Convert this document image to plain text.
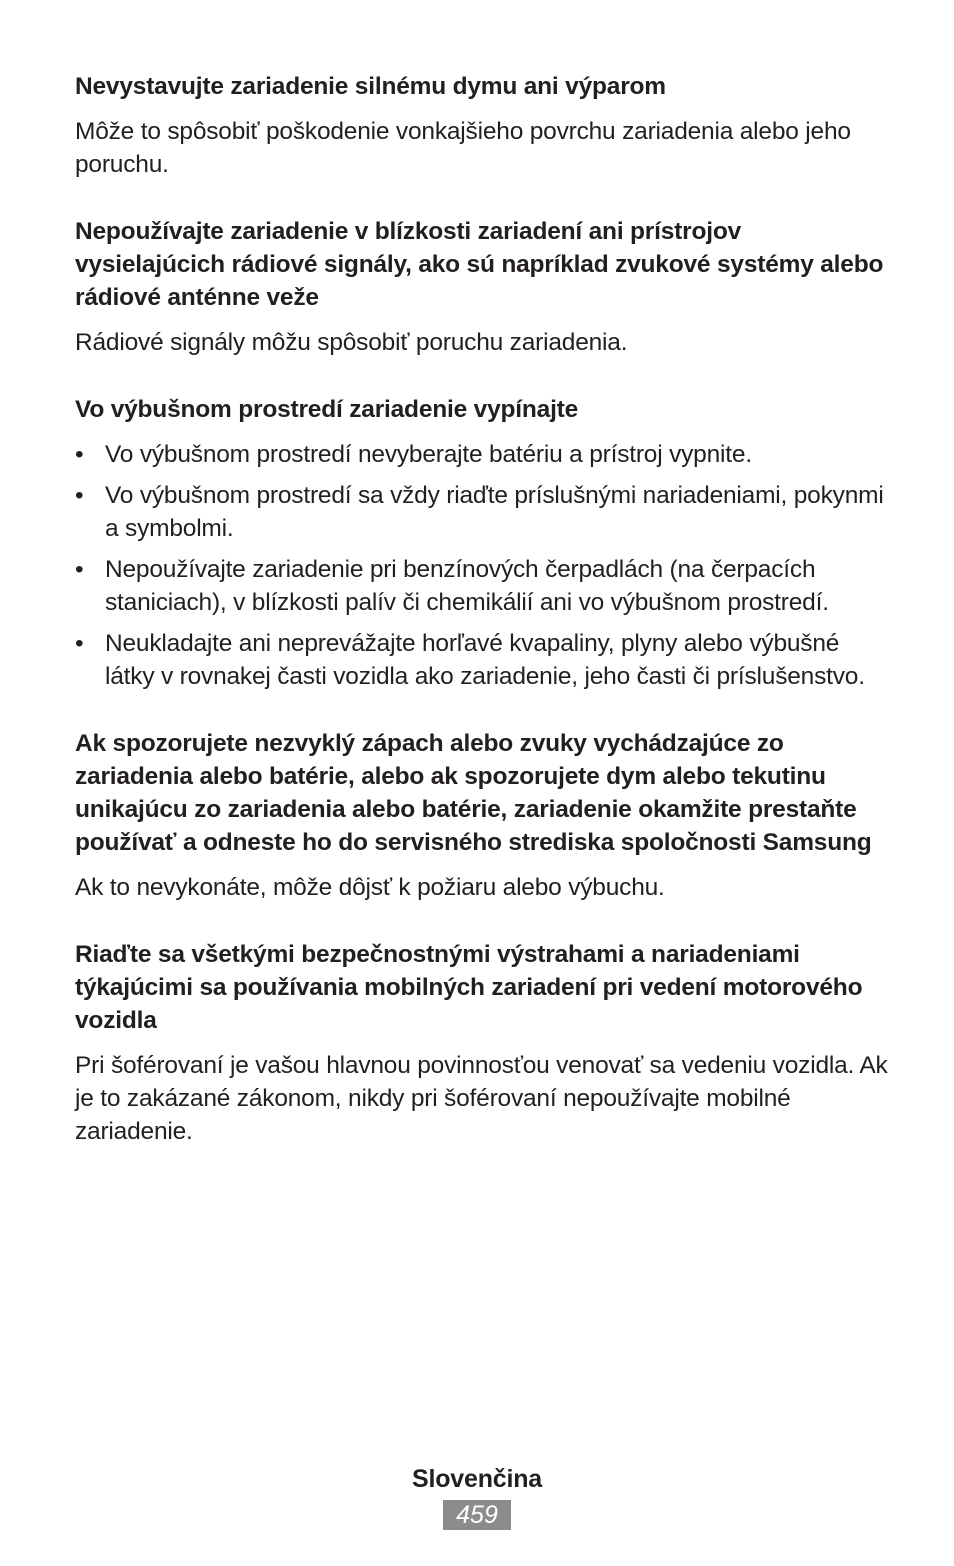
Nevystavujte zariadenie silnému dymu ani výparom

Môže to spôsobiť poškodenie vonkajšieho povrchu zariadenia alebo jeho poruchu.

Nepoužívajte zariadenie v blízkosti zariadení ani prístrojov vysielajúcich rádiové signály, ako sú napríklad zvukové systémy alebo rádiové anténne veže

Rádiové signály môžu spôsobiť poruchu zariadenia.

Vo výbušnom prostredí zariadenie vypínajte

• Vo výbušnom prostredí nevyberajte batériu a prístroj vypnite.
• Vo výbušnom prostredí sa vždy riaďte príslušnými nariadeniami, pokynmi a symbolmi.
• Nepoužívajte zariadenie pri benzínových čerpadlách (na čerpacích staniciach), v blízkosti palív či chemikálií ani vo výbušnom prostredí.
• Neukladajte ani neprevážajte horľavé kvapaliny, plyny alebo výbušné látky v rovnakej časti vozidla ako zariadenie, jeho časti či príslušenstvo.

Ak spozorujete nezvyklý zápach alebo zvuky vychádzajúce zo zariadenia alebo batérie, alebo ak spozorujete dym alebo tekutinu unikajúcu zo zariadenia alebo batérie, zariadenie okamžite prestaňte používať a odneste ho do servisného strediska spoločnosti Samsung

Ak to nevykonáte, môže dôjsť k požiaru alebo výbuchu.

Riaďte sa všetkými bezpečnostnými výstrahami a nariadeniami týkajúcimi sa používania mobilných zariadení pri vedení motorového vozidla

Pri šoférovaní je vašou hlavnou povinnosťou venovať sa vedeniu vozidla. Ak je to zakázané zákonom, nikdy pri šoférovaní nepoužívajte mobilné zariadenie.

Slovenčina
459
